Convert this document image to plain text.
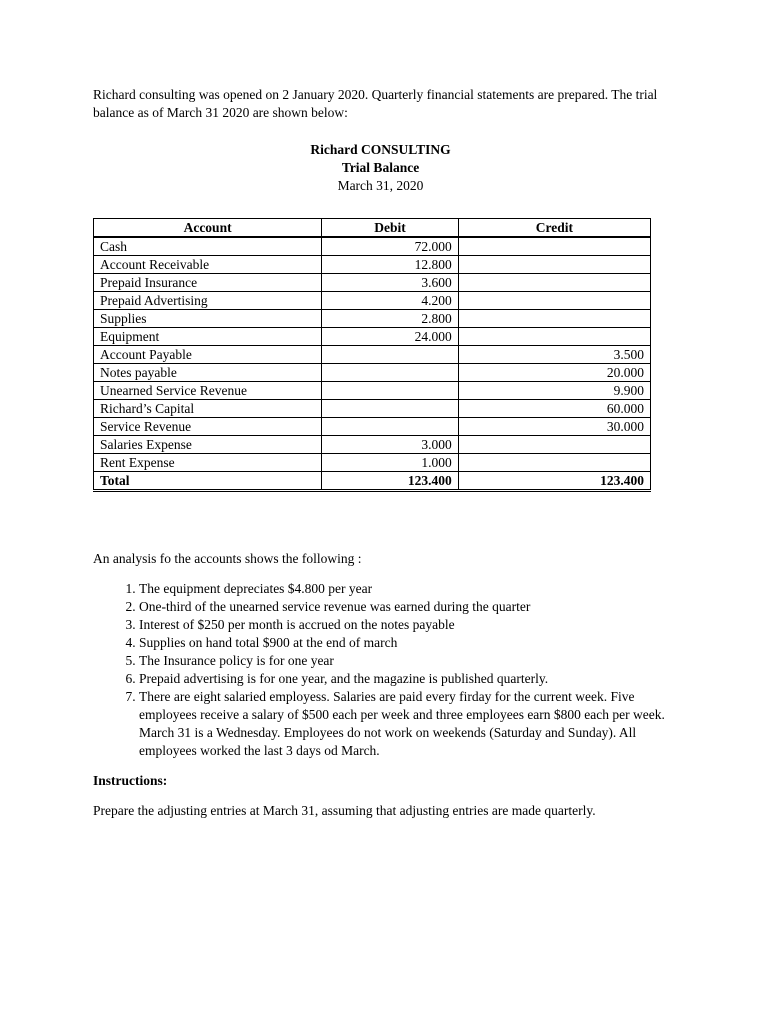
Richard consulting was opened on 2 January 2020. Quarterly financial statements are prepared. The trial balance as of March 31 2020 are shown below:

Richard CONSULTING
Trial Balance
March 31, 2020
Account	Debit	Credit
Cash	72.000	
Account Receivable	12.800	
Prepaid Insurance	3.600	
Prepaid Advertising	4.200	
Supplies	2.800	
Equipment	24.000	
Account Payable		3.500
Notes payable		20.000
Unearned Service Revenue		9.900
Richard’s Capital		60.000
Service Revenue		30.000
Salaries Expense	3.000	
Rent Expense	1.000	
Total	123.400	123.400
An analysis fo the accounts shows the following :
1. The equipment depreciates $4.800 per year
2. One-third of the unearned service revenue was earned during the quarter
3. Interest of $250 per month is accrued on the notes payable
4. Supplies on hand total $900 at the end of march
5. The Insurance policy is for one year
6. Prepaid advertising is for one year, and the magazine is published quarterly.
7. There are eight salaried employess. Salaries are paid every firday for the current week. Five employees receive a salary of $500 each per week and three employees earn $800 each per week. March 31 is a Wednesday. Employees do not work on weekends (Saturday and Sunday). All employees worked the last 3 days od March.
Instructions:
Prepare the adjusting entries at March 31, assuming that adjusting entries are made quarterly.
